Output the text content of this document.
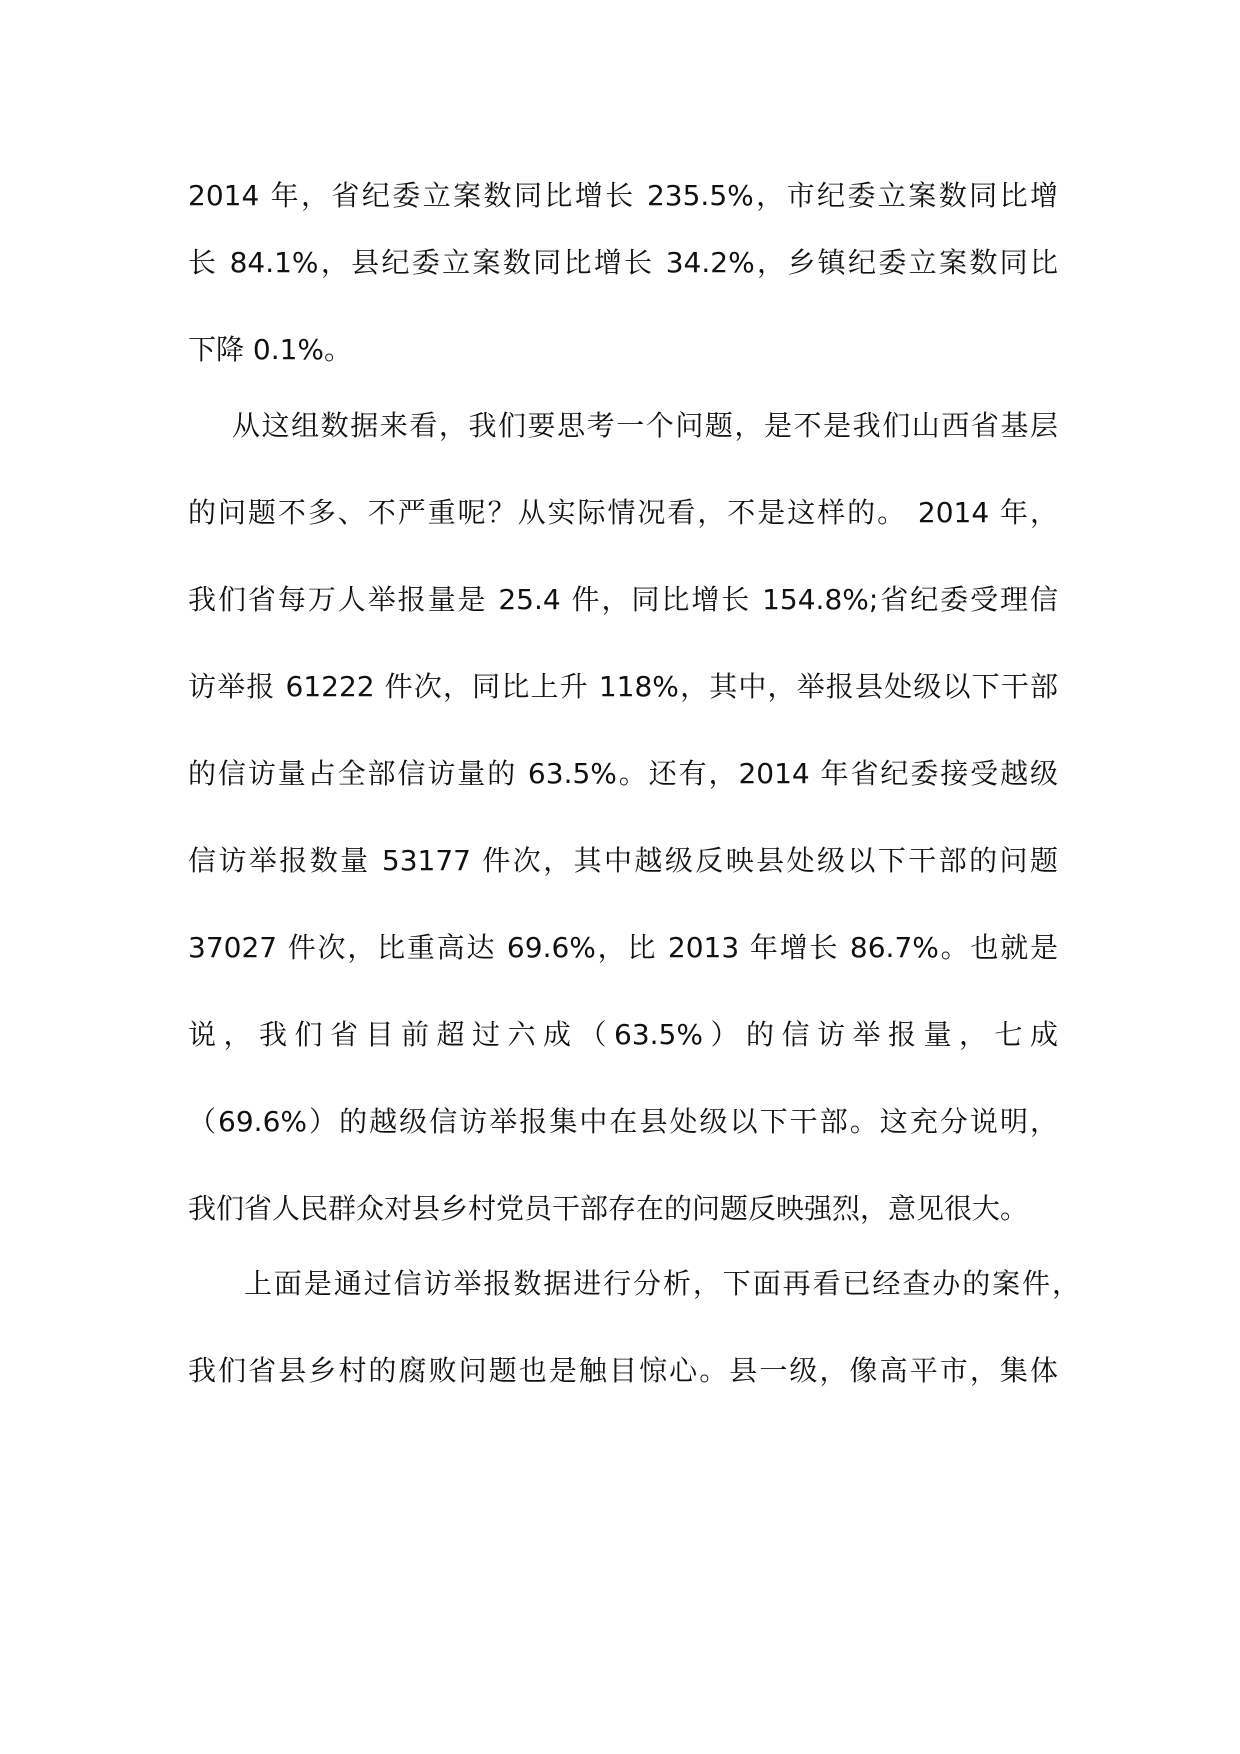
2014 年，省纪委立案数同比增长 235.5%，市纪委立案数同比增
长 84.1%，县纪委立案数同比增长 34.2%，乡镇纪委立案数同比
下降 0.1%。
从这组数据来看，我们要思考一个问题，是不是我们山西省基层
的问题不多、不严重呢？从实际情况看，不是这样的。 2014 年，
我们省每万人举报量是 25.4 件，同比增长 154.8%;省纪委受理信
访举报 61222 件次，同比上升 118%，其中，举报县处级以下干部
的信访量占全部信访量的 63.5%。还有，2014 年省纪委接受越级
信访举报数量 53177 件次，其中越级反映县处级以下干部的问题
37027 件次，比重高达 69.6%，比 2013 年增长 86.7%。也就是
说，我们省目前超过六成（63.5%）的信访举报量，七成
（69.6%）的越级信访举报集中在县处级以下干部。这充分说明，
我们省人民群众对县乡村党员干部存在的问题反映强烈，意见很大。
上面是通过信访举报数据进行分析，下面再看已经查办的案件，
我们省县乡村的腐败问题也是触目惊心。县一级，像高平市，集体
